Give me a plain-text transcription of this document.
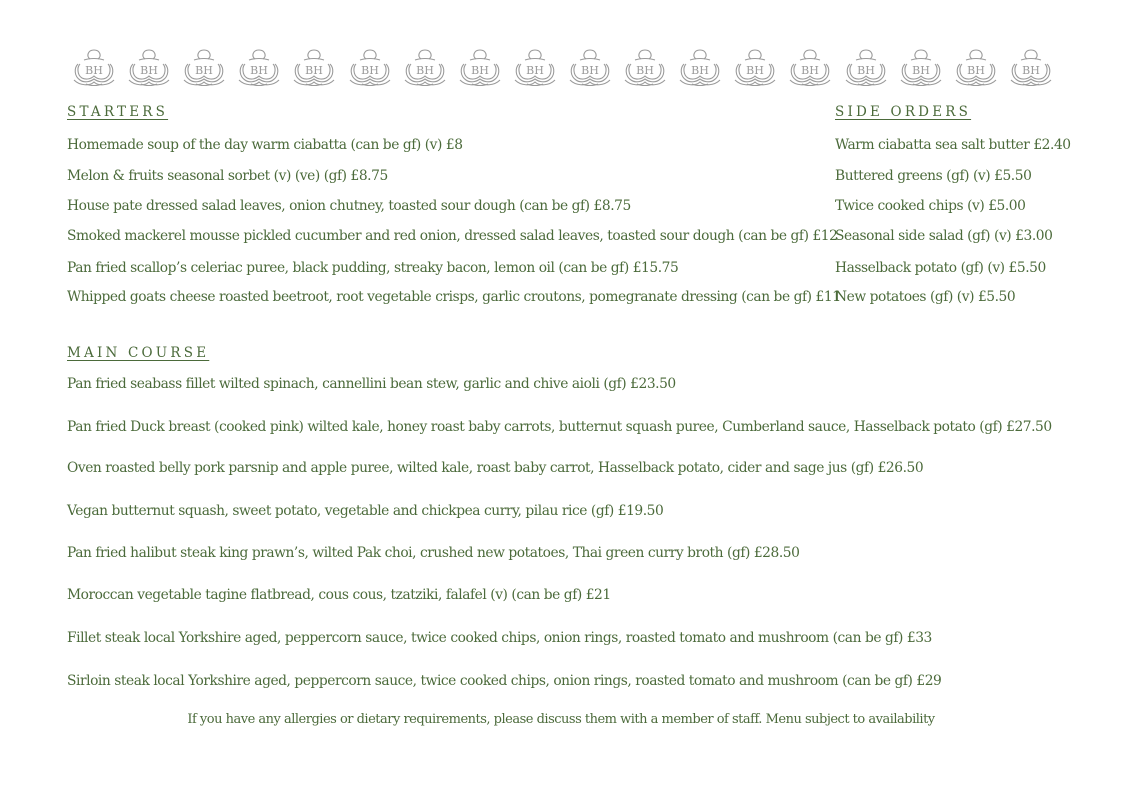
BH	BH	BH	BH	BH	BH	BH	BH	BH	BH	BH	BH	BH	BH	BH	BH	BH	BH
STARTERS
Homemade soup of the day warm ciabatta (can be gf) (v) £8
Melon & fruits seasonal sorbet (v) (ve) (gf) £8.75
House pate dressed salad leaves, onion chutney, toasted sour dough (can be gf) £8.75
Smoked mackerel mousse pickled cucumber and red onion, dressed salad leaves, toasted sour dough (can be gf) £12
Pan fried scallop’s celeriac puree, black pudding, streaky bacon, lemon oil (can be gf) £15.75
Whipped goats cheese roasted beetroot, root vegetable crisps, garlic croutons, pomegranate dressing (can be gf) £11
SIDE ORDERS
Warm ciabatta sea salt butter £2.40
Buttered greens (gf) (v) £5.50
Twice cooked chips (v) £5.00
Seasonal side salad (gf) (v) £3.00
Hasselback potato (gf) (v) £5.50
New potatoes (gf) (v) £5.50
MAIN COURSE
Pan fried seabass fillet wilted spinach, cannellini bean stew, garlic and chive aioli (gf) £23.50
Pan fried Duck breast (cooked pink) wilted kale, honey roast baby carrots, butternut squash puree, Cumberland sauce, Hasselback potato (gf) £27.50
Oven roasted belly pork parsnip and apple puree, wilted kale, roast baby carrot, Hasselback potato, cider and sage jus (gf) £26.50
Vegan butternut squash, sweet potato, vegetable and chickpea curry, pilau rice (gf) £19.50
Pan fried halibut steak king prawn’s, wilted Pak choi, crushed new potatoes, Thai green curry broth (gf) £28.50
Moroccan vegetable tagine flatbread, cous cous, tzatziki, falafel (v) (can be gf) £21
Fillet steak local Yorkshire aged, peppercorn sauce, twice cooked chips, onion rings, roasted tomato and mushroom (can be gf) £33
Sirloin steak local Yorkshire aged, peppercorn sauce, twice cooked chips, onion rings, roasted tomato and mushroom (can be gf) £29
If you have any allergies or dietary requirements, please discuss them with a member of staff. Menu subject to availability
